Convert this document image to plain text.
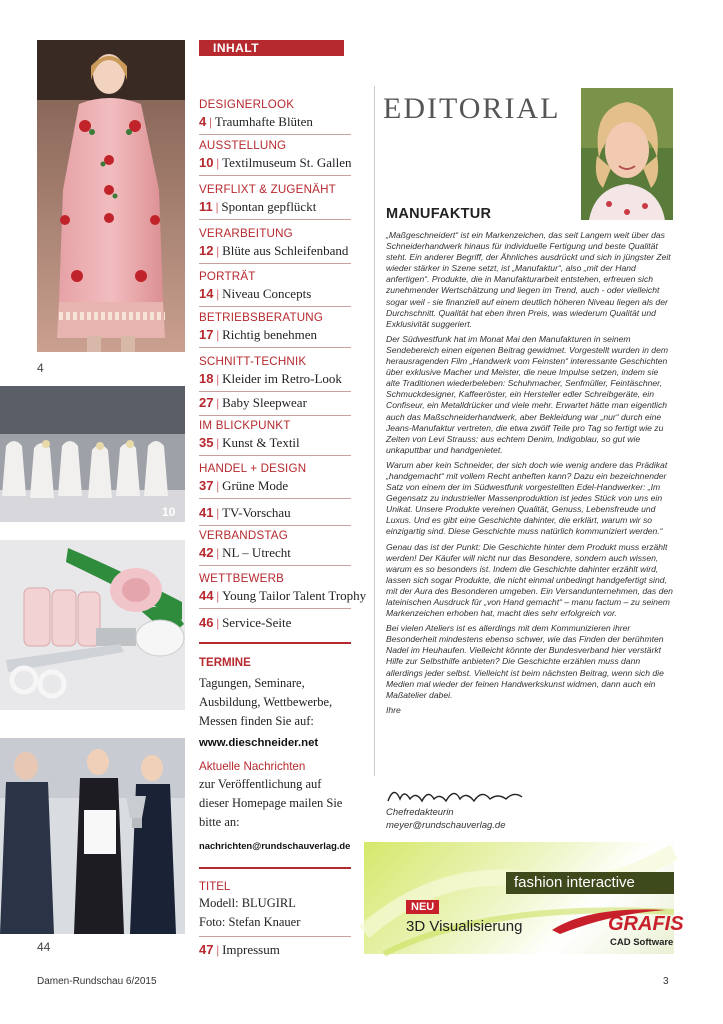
4
10
44
INHALT
DESIGNERLOOK
4 | Traumhafte Blüten
AUSSTELLUNG
10 | Textilmuseum St. Gallen
VERFLIXT & ZUGENÄHT
11 | Spontan gepflückt
VERARBEITUNG
12 | Blüte aus Schleifenband
PORTRÄT
14 | Niveau Concepts
BETRIEBSBERATUNG
17 | Richtig benehmen
SCHNITT-TECHNIK
18 | Kleider im Retro-Look
27 | Baby Sleepwear
IM BLICKPUNKT
35 | Kunst & Textil
HANDEL + DESIGN
37 | Grüne Mode
41 | TV-Vorschau
VERBANDSTAG
42 | NL – Utrecht
WETTBEWERB
44 | Young Tailor Talent Trophy
46 | Service-Seite
TERMINE
Tagungen, Seminare,
Ausbildung, Wettbewerbe,
Messen finden Sie auf:
www.dieschneider.net
Aktuelle Nachrichten
zur Veröffentlichung auf
dieser Homepage mailen Sie
bitte an:
nachrichten@rundschauverlag.de
TITEL
Modell: BLUGIRL
Foto: Stefan Knauer
47 | Impressum
EDITORIAL
MANUFAKTUR

„Maßgeschneidert“ ist ein Markenzeichen, das seit Langem weit über das Schneiderhandwerk hinaus für individuelle Fertigung und beste Qualität steht. Ein anderer Begriff, der Ähnliches ausdrückt und sich in jüngster Zeit wieder stärker in Szene setzt, ist „Manufaktur“, also „mit der Hand anfertigen“. Produkte, die in Manufakturarbeit entstehen, erfreuen sich zunehmender Wertschätzung und liegen im Trend, auch - oder vielleicht sogar weil - sie finanziell auf einem deutlich höheren Niveau liegen als der Durchschnitt. Qualität hat eben ihren Preis, was wiederum Qualität und Exklusivität suggeriert.

Der Südwestfunk hat im Monat Mai den Manufakturen in seinem Sendebereich einen eigenen Beitrag gewidmet. Vorgestellt wurden in dem herausragenden Film „Handwerk vom Feinsten“ interessante Geschichten über exklusive Macher und Meister, die neue Impulse setzen, indem sie alte Traditionen wiederbeleben: Schuhmacher, Senfmüller, Feintäschner, Schmuckdesigner, Kaffeeröster, ein Hersteller edler Schreibgeräte, ein Confiseur, ein Metalldrücker und viele mehr. Erwartet hätte man eigentlich auch das Maßschneiderhandwerk, aber Bekleidung war „nur“ durch eine Jeans-Manufaktur vertreten, die etwa zwölf Teile pro Tag so fertigt wie zu Zeiten von Levi Strauss: aus echtem Denim, Indigoblau, so gut wie unkaputtbar und handgenietet.

Warum aber kein Schneider, der sich doch wie wenig andere das Prädikat „handgemacht“ mit vollem Recht anheften kann? Dazu ein bezeichnender Satz von einem der im Südwestfunk vorgestellten Edel-Handwerker: „Im Gegensatz zu industrieller Massenproduktion ist jedes Stück von uns ein Unikat. Unsere Produkte vereinen Qualität, Genuss, Lebensfreude und Luxus. Und es gibt eine Geschichte dahinter, die erklärt, warum wir so einzigartig sind. Diese Geschichte muss natürlich kommuniziert werden.“

Genau das ist der Punkt: Die Geschichte hinter dem Produkt muss erzählt werden! Der Käufer will nicht nur das Besondere, sondern auch wissen, warum es so besonders ist. Indem die Geschichte dahinter erzählt wird, lassen sich sogar Produkte, die nicht einmal unbedingt handgefertigt sind, mit der Aura des Besonderen umgeben. Ein Versandunternehmen, das den lateinischen Ausdruck für „von Hand gemacht“ – manu factum – zu seinem Markenzeichen erhoben hat, macht dies sehr erfolgreich vor.

Bei vielen Ateliers ist es allerdings mit dem Kommunizieren ihrer Besonderheit mindestens ebenso schwer, wie das Finden der berühmten Nadel im Heuhaufen. Vielleicht könnte der Bundesverband hier verstärkt Hilfe zur Selbsthilfe anbieten? Die Geschichte erzählen muss dann allerdings jeder selbst. Vielleicht ist beim nächsten Beitrag, wenn sich die Medien mal wieder der feinen Handwerkskunst widmen, dann auch ein Maßatelier dabei.

Ihre

Chefredakteurin
meyer@rundschauverlag.de
fashion interactive
NEU
3D Visualisierung	GRAFIS
CAD Software
Damen-Rundschau 6/2015	3
